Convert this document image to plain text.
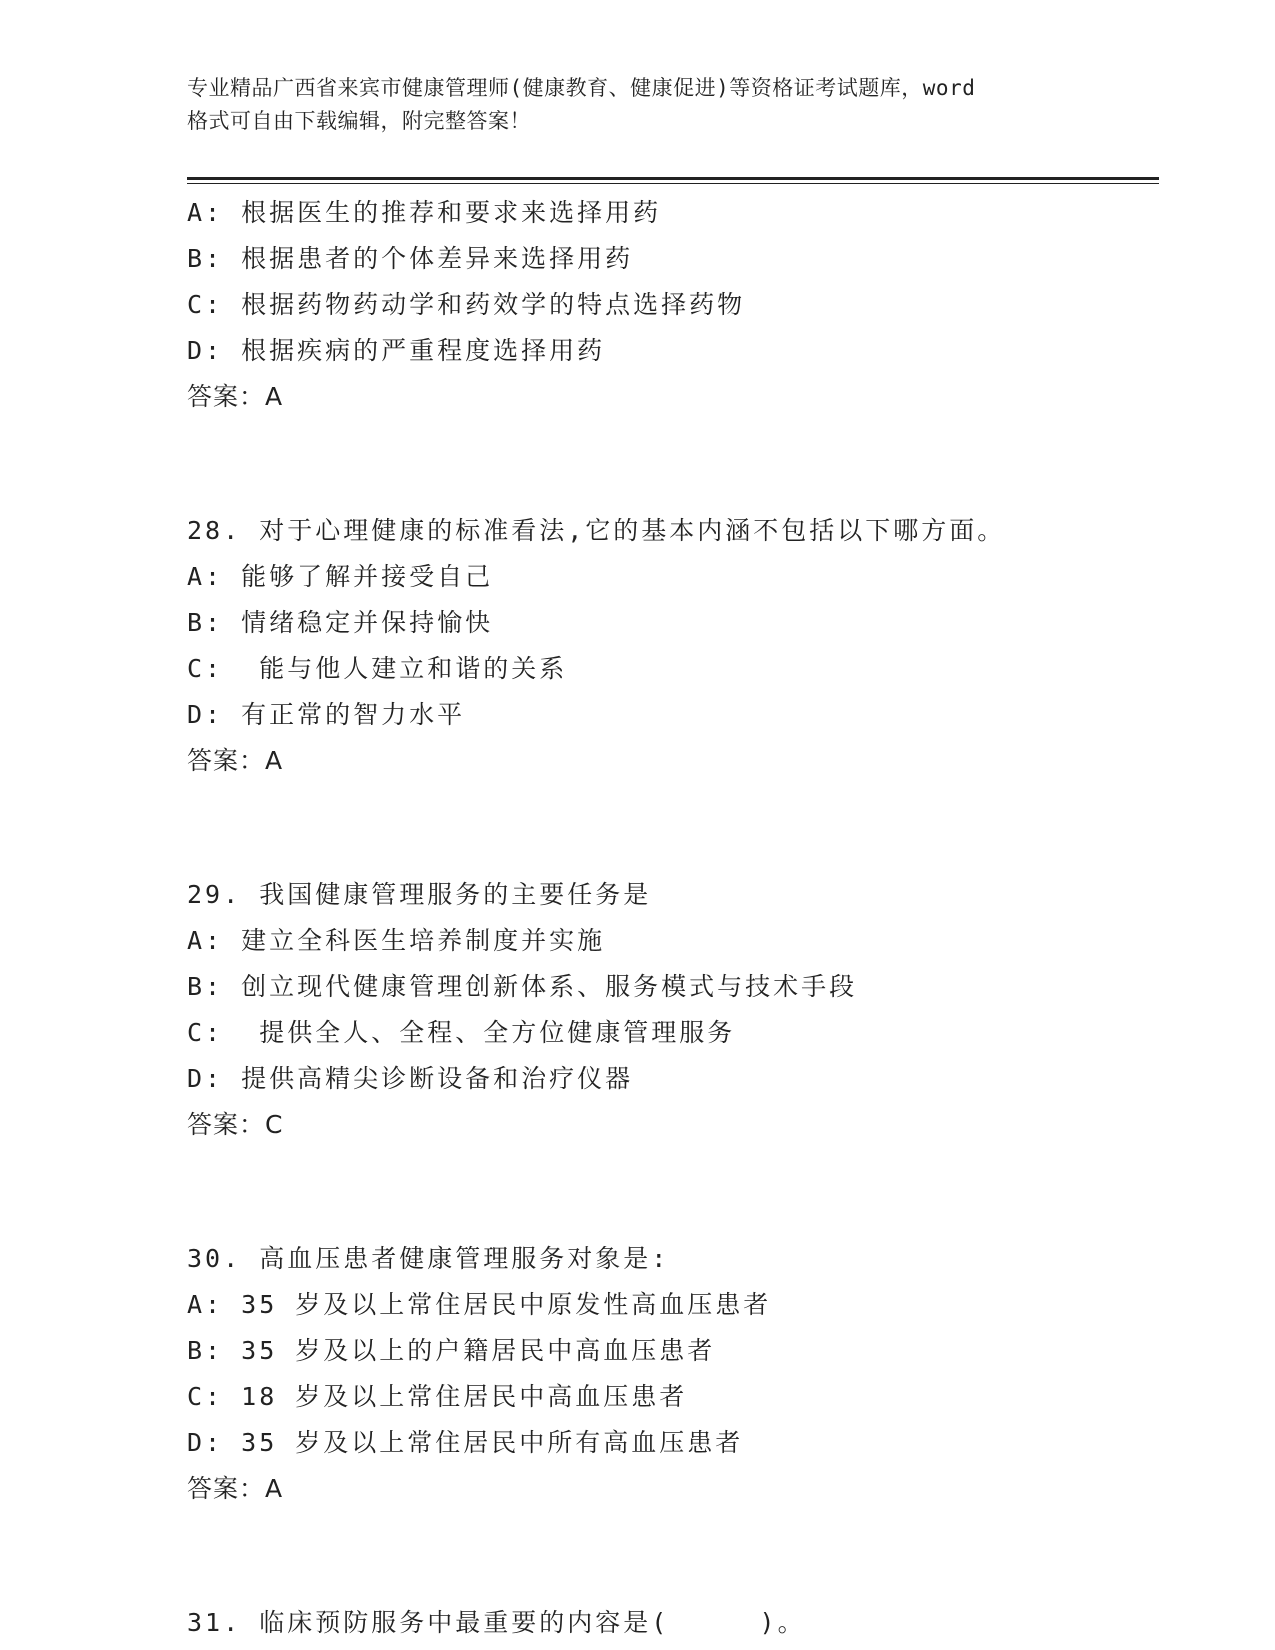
专业精品广西省来宾市健康管理师(健康教育、健康促进)等资格证考试题库，word
格式可自由下载编辑，附完整答案！
A: 根据医生的推荐和要求来选择用药
B: 根据患者的个体差异来选择用药
C: 根据药物药动学和药效学的特点选择药物
D: 根据疾病的严重程度选择用药
答案：A
28. 对于心理健康的标准看法,它的基本内涵不包括以下哪方面。
A: 能够了解并接受自己
B: 情绪稳定并保持愉快
C:  能与他人建立和谐的关系
D: 有正常的智力水平
答案：A
29. 我国健康管理服务的主要任务是
A: 建立全科医生培养制度并实施
B: 创立现代健康管理创新体系、服务模式与技术手段
C:  提供全人、全程、全方位健康管理服务
D: 提供高精尖诊断设备和治疗仪器
答案：C
30. 高血压患者健康管理服务对象是:
A: 35 岁及以上常住居民中原发性高血压患者
B: 35 岁及以上的户籍居民中高血压患者
C: 18 岁及以上常住居民中高血压患者
D: 35 岁及以上常住居民中所有高血压患者
答案：A
31. 临床预防服务中最重要的内容是(     )。
